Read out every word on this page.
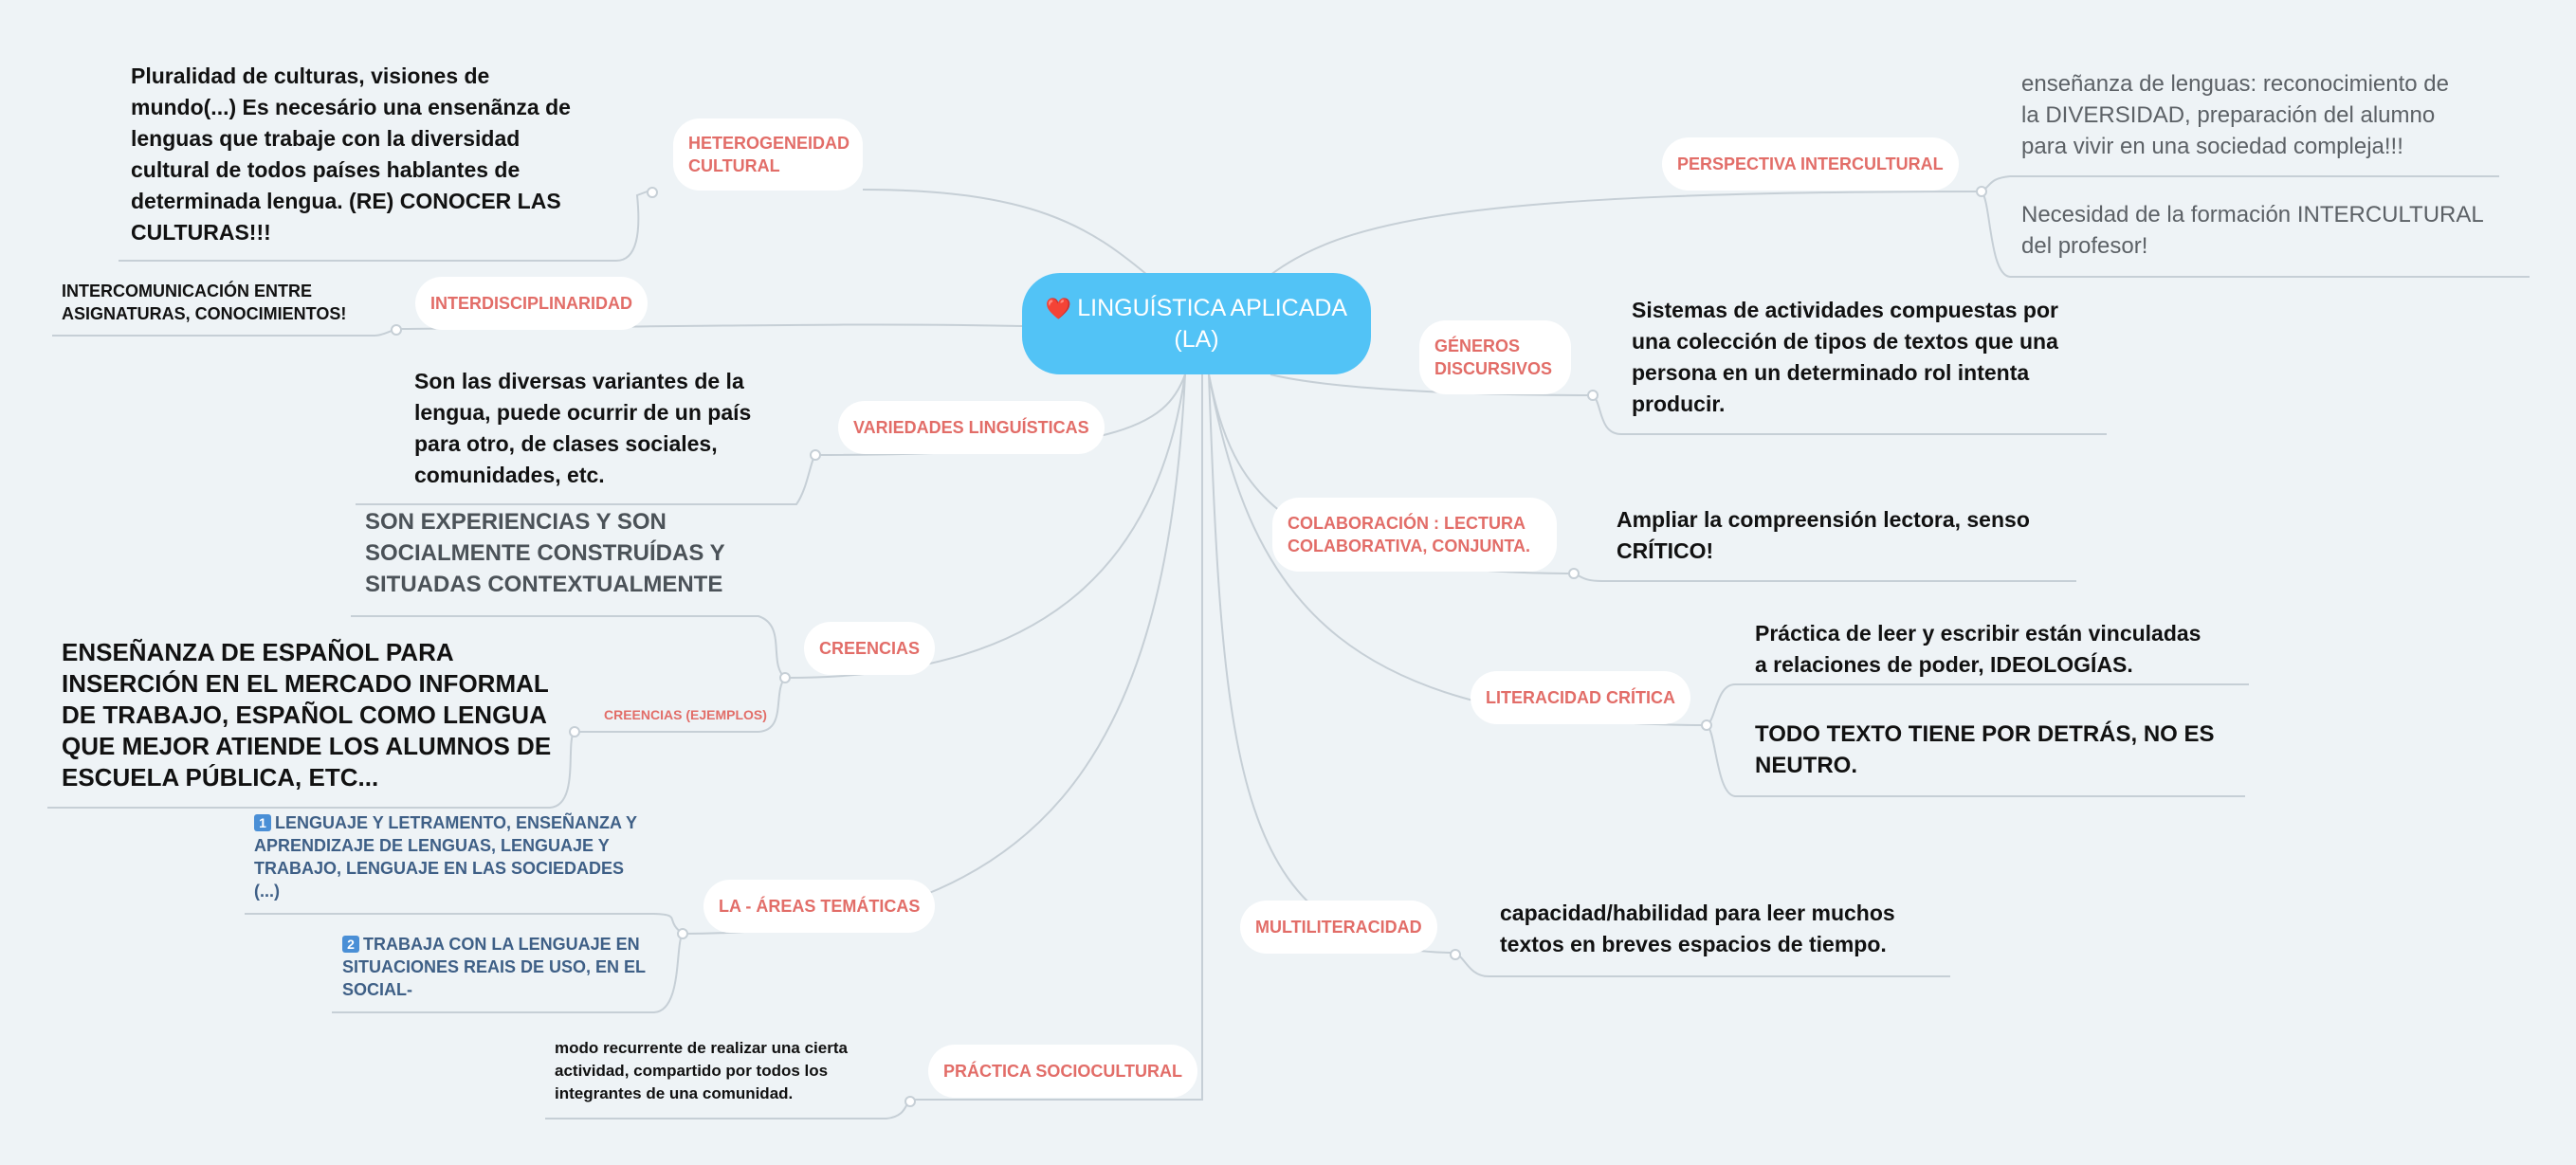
❤️ LINGUÍSTICA APLICADA
(LA)
HETEROGENEIDAD
CULTURAL
INTERDISCIPLINARIDAD
VARIEDADES LINGUÍSTICAS
CREENCIAS
CREENCIAS (EJEMPLOS)
LA - ÁREAS TEMÁTICAS
PRÁCTICA SOCIOCULTURAL
PERSPECTIVA INTERCULTURAL
GÉNEROS
DISCURSIVOS
COLABORACIÓN : LECTURA
COLABORATIVA, CONJUNTA.
LITERACIDAD CRÍTICA
MULTILITERACIDAD
Pluralidad de culturas, visiones de
mundo(...) Es necesário una ensenãnza de
lenguas que trabaje con la diversidad
cultural de todos países hablantes de
determinada lengua. (RE) CONOCER LAS
CULTURAS!!!
INTERCOMUNICACIÓN ENTRE
ASIGNATURAS, CONOCIMIENTOS!
Son las diversas variantes de la
lengua, puede ocurrir de un país
para otro, de clases sociales,
comunidades, etc.
SON EXPERIENCIAS Y SON
SOCIALMENTE CONSTRUÍDAS Y
SITUADAS CONTEXTUALMENTE
ENSEÑANZA DE ESPAÑOL PARA
INSERCIÓN EN EL MERCADO INFORMAL
DE TRABAJO, ESPAÑOL COMO LENGUA
QUE MEJOR ATIENDE LOS ALUMNOS DE
ESCUELA PÚBLICA, ETC...
1 LENGUAJE Y LETRAMENTO, ENSEÑANZA Y
APRENDIZAJE DE LENGUAS, LENGUAJE Y
TRABAJO, LENGUAJE EN LAS SOCIEDADES
(...)
2 TRABAJA CON LA LENGUAJE EN
SITUACIONES REAIS DE USO, EN EL
SOCIAL-
modo recurrente de realizar una cierta
actividad, compartido por todos los
integrantes de una comunidad.
enseñanza de lenguas: reconocimiento de
la DIVERSIDAD, preparación del alumno
para vivir en una sociedad compleja!!!
Necesidad de la formación INTERCULTURAL
del profesor!
Sistemas de actividades compuestas por
una colección de tipos de textos que una
persona en un determinado rol intenta
producir.
Ampliar la compreensión lectora, senso
CRÍTICO!
Práctica de leer y escribir están vinculadas
a relaciones de poder, IDEOLOGÍAS.
TODO TEXTO TIENE POR DETRÁS, NO ES
NEUTRO.
capacidad/habilidad para leer muchos
textos en breves espacios de tiempo.
